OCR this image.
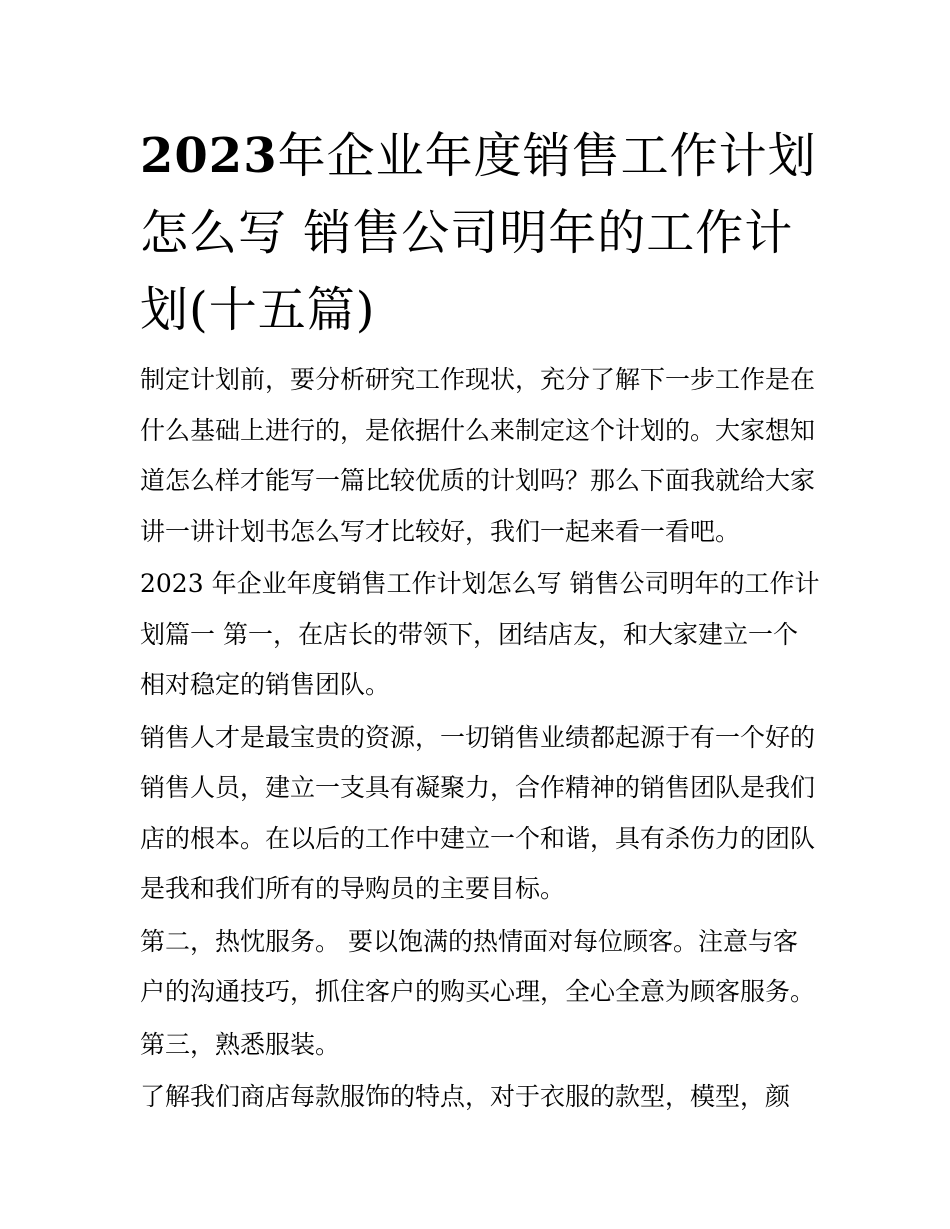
2023年企业年度销售工作计划怎么写 销售公司明年的工作计划(十五篇)

制定计划前，要分析研究工作现状，充分了解下一步工作是在什么基础上进行的，是依据什么来制定这个计划的。大家想知道怎么样才能写一篇比较优质的计划吗？那么下面我就给大家讲一讲计划书怎么写才比较好，我们一起来看一看吧。

2023 年企业年度销售工作计划怎么写 销售公司明年的工作计划篇一 第一，在店长的带领下，团结店友，和大家建立一个相对稳定的销售团队。

销售人才是最宝贵的资源，一切销售业绩都起源于有一个好的销售人员，建立一支具有凝聚力，合作精神的销售团队是我们店的根本。在以后的工作中建立一个和谐，具有杀伤力的团队是我和我们所有的导购员的主要目标。

第二，热忱服务。 要以饱满的热情面对每位顾客。注意与客户的沟通技巧，抓住客户的购买心理，全心全意为顾客服务。

第三，熟悉服装。

了解我们商店每款服饰的特点，对于衣服的款型，模型，颜
